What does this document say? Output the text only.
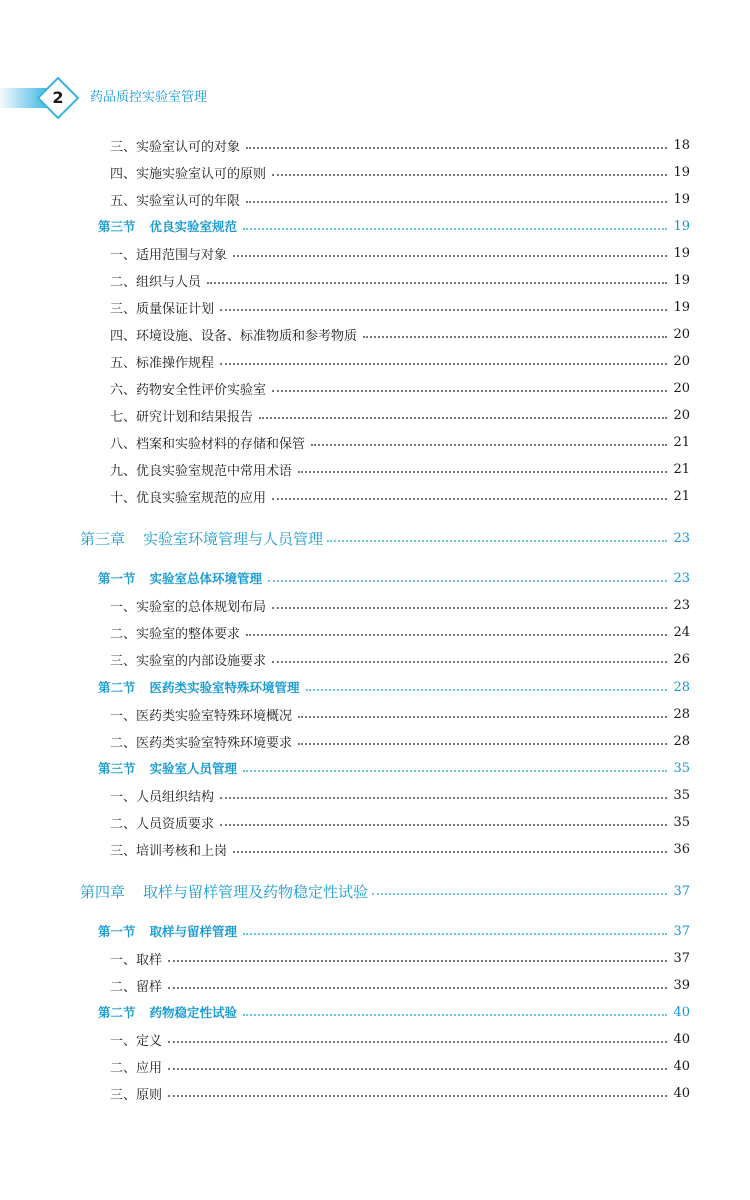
2	药品质控实验室管理
三、实验室认可的对象	18
四、实施实验室认可的原则	19
五、实验室认可的年限	19
第三节 优良实验室规范	19
一、适用范围与对象	19
二、组织与人员	19
三、质量保证计划	19
四、环境设施、设备、标准物质和参考物质	20
五、标准操作规程	20
六、药物安全性评价实验室	20
七、研究计划和结果报告	20
八、档案和实验材料的存储和保管	21
九、优良实验室规范中常用术语	21
十、优良实验室规范的应用	21
第三章 实验室环境管理与人员管理	23
第一节 实验室总体环境管理	23
一、实验室的总体规划布局	23
二、实验室的整体要求	24
三、实验室的内部设施要求	26
第二节 医药类实验室特殊环境管理	28
一、医药类实验室特殊环境概况	28
二、医药类实验室特殊环境要求	28
第三节 实验室人员管理	35
一、人员组织结构	35
二、人员资质要求	35
三、培训考核和上岗	36
第四章 取样与留样管理及药物稳定性试验	37
第一节 取样与留样管理	37
一、取样	37
二、留样	39
第二节 药物稳定性试验	40
一、定义	40
二、应用	40
三、原则	40
